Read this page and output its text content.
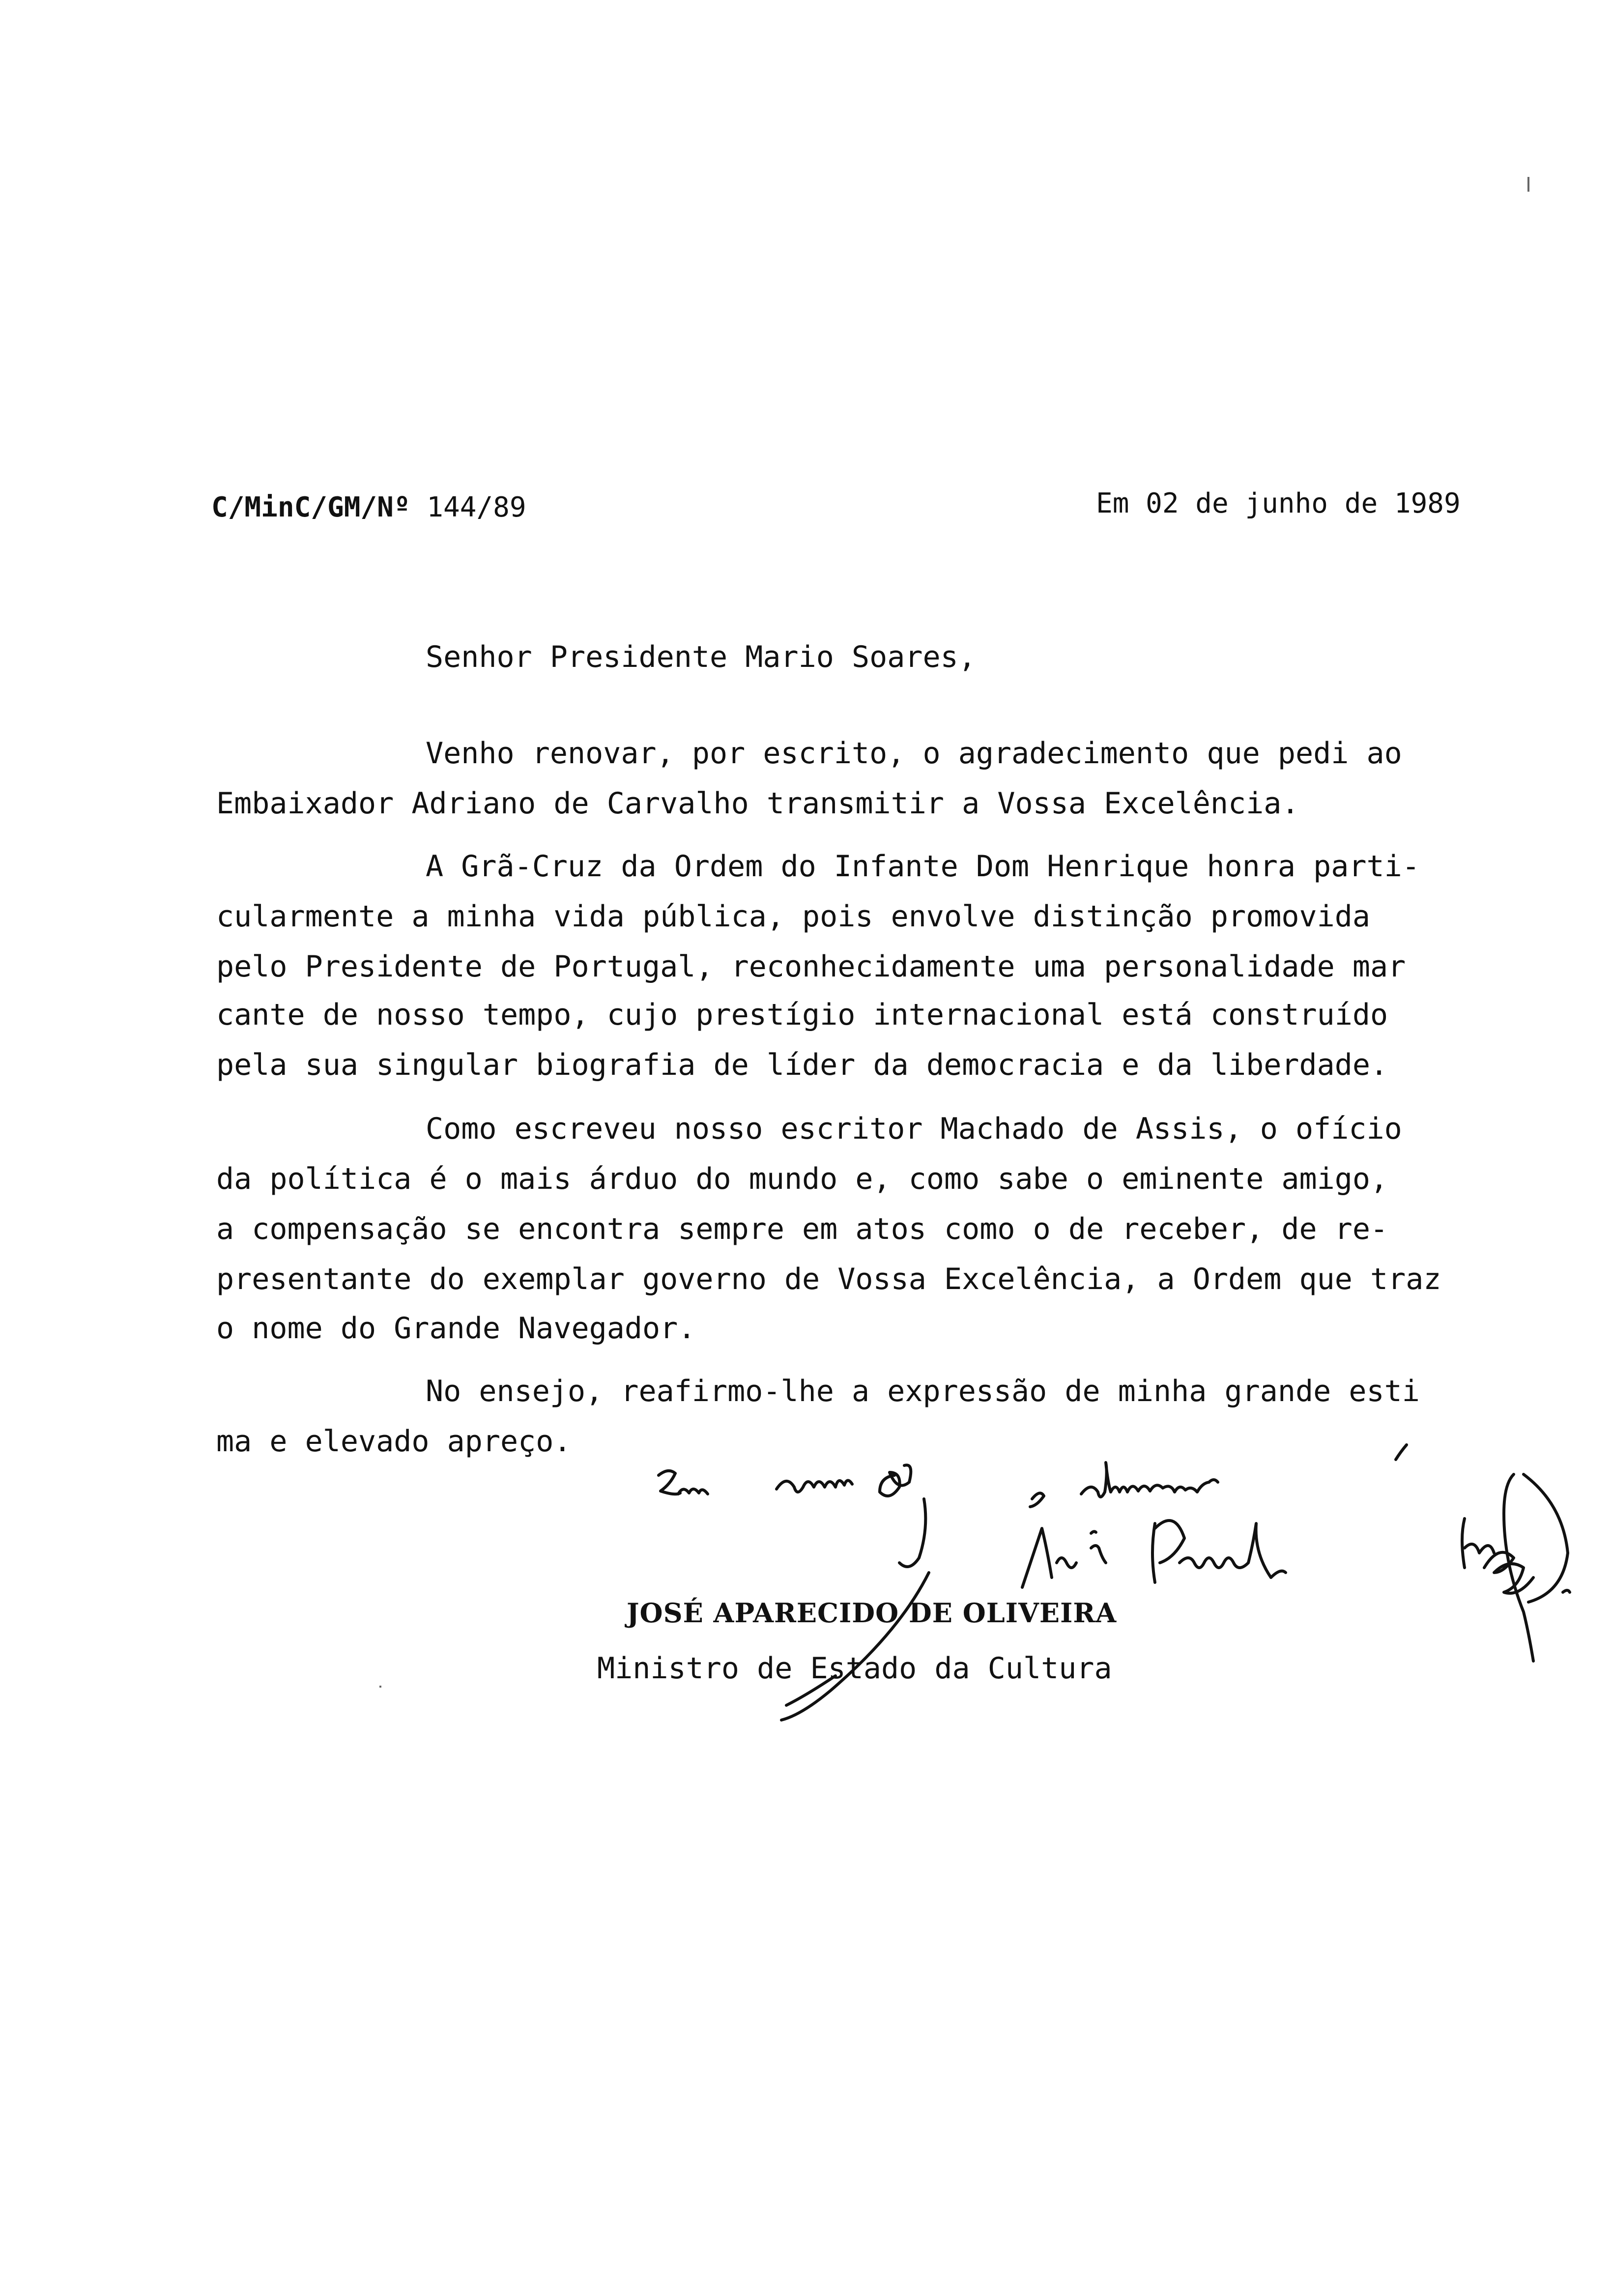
C/MinC/GM/Nº 144/89	Em 02 de junho de 1989
Senhor Presidente Mario Soares,
Venho renovar, por escrito, o agradecimento que pedi ao
Embaixador Adriano de Carvalho transmitir a Vossa Excelência.
A Grã-Cruz da Ordem do Infante Dom Henrique honra parti-
cularmente a minha vida pública, pois envolve distinção promovida
pelo Presidente de Portugal, reconhecidamente uma personalidade mar
cante de nosso tempo, cujo prestígio internacional está construído
pela sua singular biografia de líder da democracia e da liberdade.
Como escreveu nosso escritor Machado de Assis, o ofício
da política é o mais árduo do mundo e, como sabe o eminente amigo,
a compensação se encontra sempre em atos como o de receber, de re-
presentante do exemplar governo de Vossa Excelência, a Ordem que traz
o nome do Grande Navegador.
No ensejo, reafirmo-lhe a expressão de minha grande esti
ma e elevado apreço.
JOSÉ APARECIDO DE OLIVEIRA
Ministro de Estado da Cultura
